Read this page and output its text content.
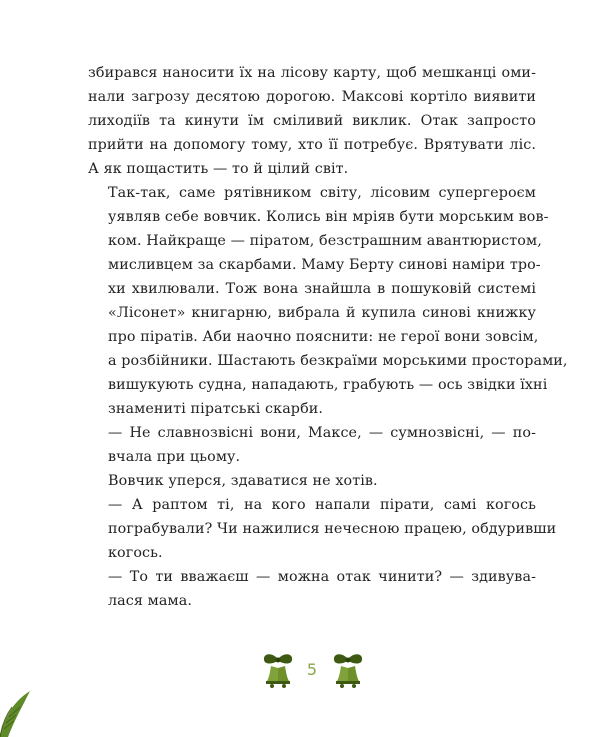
збирався наносити їх на лісову карту, щоб мешканці оми-
нали загрозу десятою дорогою. Максові кортіло виявити
лиходіїв та кинути їм сміливий виклик. Отак запросто
прийти на допомогу тому, хто її потребує. Врятувати ліс.
А як пощастить — то й цілий світ.

Так-так, саме рятівником світу, лісовим супергероєм
уявляв себе вовчик. Колись він мріяв бути морським вов-
ком. Найкраще — піратом, безстрашним авантюристом,
мисливцем за скарбами. Маму Берту синові наміри тро-
хи хвилювали. Тож вона знайшла в пошуковій системі
«Лісонет» книгарню, вибрала й купила синові книжку
про піратів. Аби наочно пояснити: не герої вони зовсім,
а розбійники. Шастають безкраїми морськими просторами,
вишукують судна, нападають, грабують — ось звідки їхні
знамениті піратські скарби.

— Не славнозвісні вони, Максе, — сумнозвісні, — по-
вчала при цьому.

Вовчик уперся, здаватися не хотів.

— А раптом ті, на кого напали пірати, самі когось
пограбували? Чи нажилися нечесною працею, обдуривши
когось.

— То ти вважаєш — можна отак чинити? — здивува-
лася мама.

5
